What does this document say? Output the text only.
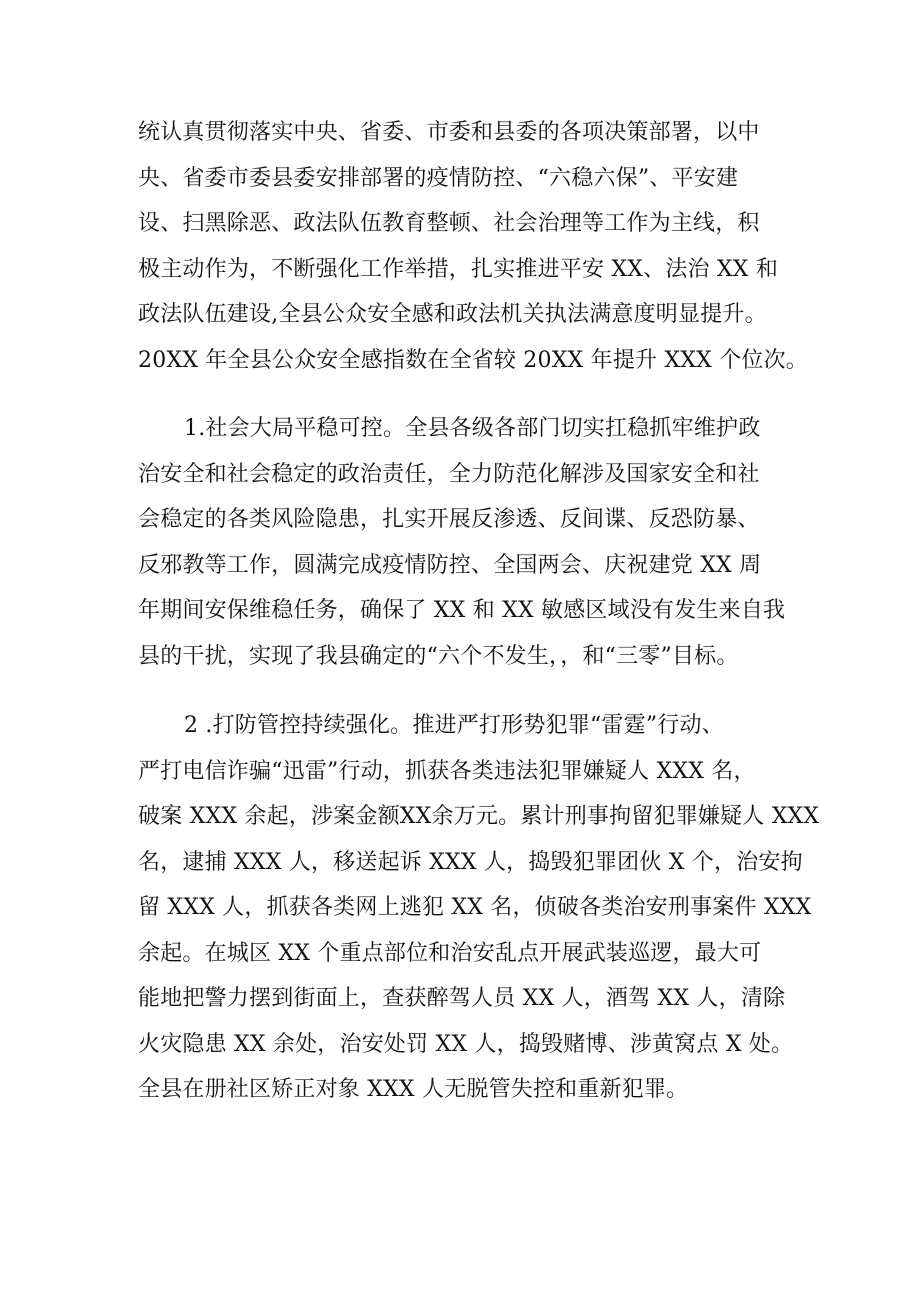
统认真贯彻落实中央、省委、市委和县委的各项决策部署，以中
央、省委市委县委安排部署的疫情防控、“六稳六保”、平安建
设、扫黑除恶、政法队伍教育整顿、社会治理等工作为主线，积
极主动作为，不断强化工作举措，扎实推进平安 XX、法治 XX 和
政法队伍建设,全县公众安全感和政法机关执法满意度明显提升。
20XX 年全县公众安全感指数在全省较 20XX 年提升 XXX 个位次。
1.社会大局平稳可控。全县各级各部门切实扛稳抓牢维护政
治安全和社会稳定的政治责任，全力防范化解涉及国家安全和社
会稳定的各类风险隐患，扎实开展反渗透、反间谍、反恐防暴、
反邪教等工作，圆满完成疫情防控、全国两会、庆祝建党 XX 周
年期间安保维稳任务，确保了 XX 和 XX 敏感区域没有发生来自我
县的干扰，实现了我县确定的“六个不发生，，和“三零”目标。
2 .打防管控持续强化。推进严打形势犯罪“雷霆”行动、
严打电信诈骗“迅雷”行动，抓获各类违法犯罪嫌疑人 XXX 名，
破案 XXX 余起，涉案金额XX余万元。累计刑事拘留犯罪嫌疑人 XXX
名，逮捕 XXX 人，移送起诉 XXX 人，捣毁犯罪团伙 X 个，治安拘
留 XXX 人，抓获各类网上逃犯 XX 名，侦破各类治安刑事案件 XXX
余起。在城区 XX 个重点部位和治安乱点开展武装巡逻，最大可
能地把警力摆到街面上，查获醉驾人员 XX 人，酒驾 XX 人，清除
火灾隐患 XX 余处，治安处罚 XX 人，捣毁赌博、涉黄窝点 X 处。
全县在册社区矫正对象 XXX 人无脱管失控和重新犯罪。
